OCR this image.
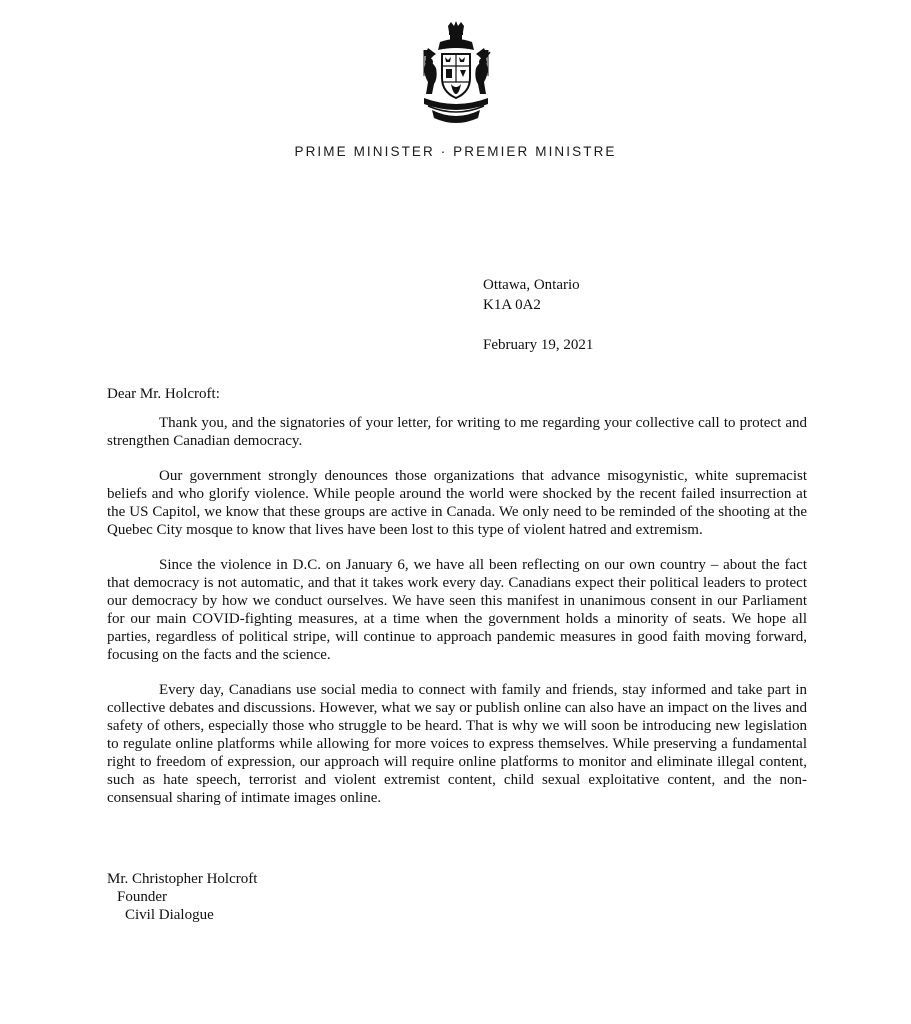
PRIME MINISTER · PREMIER MINISTRE
Ottawa, Ontario
K1A 0A2
February 19, 2021

Dear Mr. Holcroft:

Thank you, and the signatories of your letter, for writing to me regarding your collective call to protect and strengthen Canadian democracy.

Our government strongly denounces those organizations that advance misogynistic, white supremacist beliefs and who glorify violence. While people around the world were shocked by the recent failed insurrection at the US Capitol, we know that these groups are active in Canada. We only need to be reminded of the shooting at the Quebec City mosque to know that lives have been lost to this type of violent hatred and extremism.

Since the violence in D.C. on January 6, we have all been reflecting on our own country – about the fact that democracy is not automatic, and that it takes work every day. Canadians expect their political leaders to protect our democracy by how we conduct ourselves. We have seen this manifest in unanimous consent in our Parliament for our main COVID-fighting measures, at a time when the government holds a minority of seats. We hope all parties, regardless of political stripe, will continue to approach pandemic measures in good faith moving forward, focusing on the facts and the science.

Every day, Canadians use social media to connect with family and friends, stay informed and take part in collective debates and discussions. However, what we say or publish online can also have an impact on the lives and safety of others, especially those who struggle to be heard. That is why we will soon be introducing new legislation to regulate online platforms while allowing for more voices to express themselves. While preserving a fundamental right to freedom of expression, our approach will require online platforms to monitor and eliminate illegal content, such as hate speech, terrorist and violent extremist content, child sexual exploitative content, and the non-consensual sharing of intimate images online.

Mr. Christopher Holcroft
Founder
Civil Dialogue
